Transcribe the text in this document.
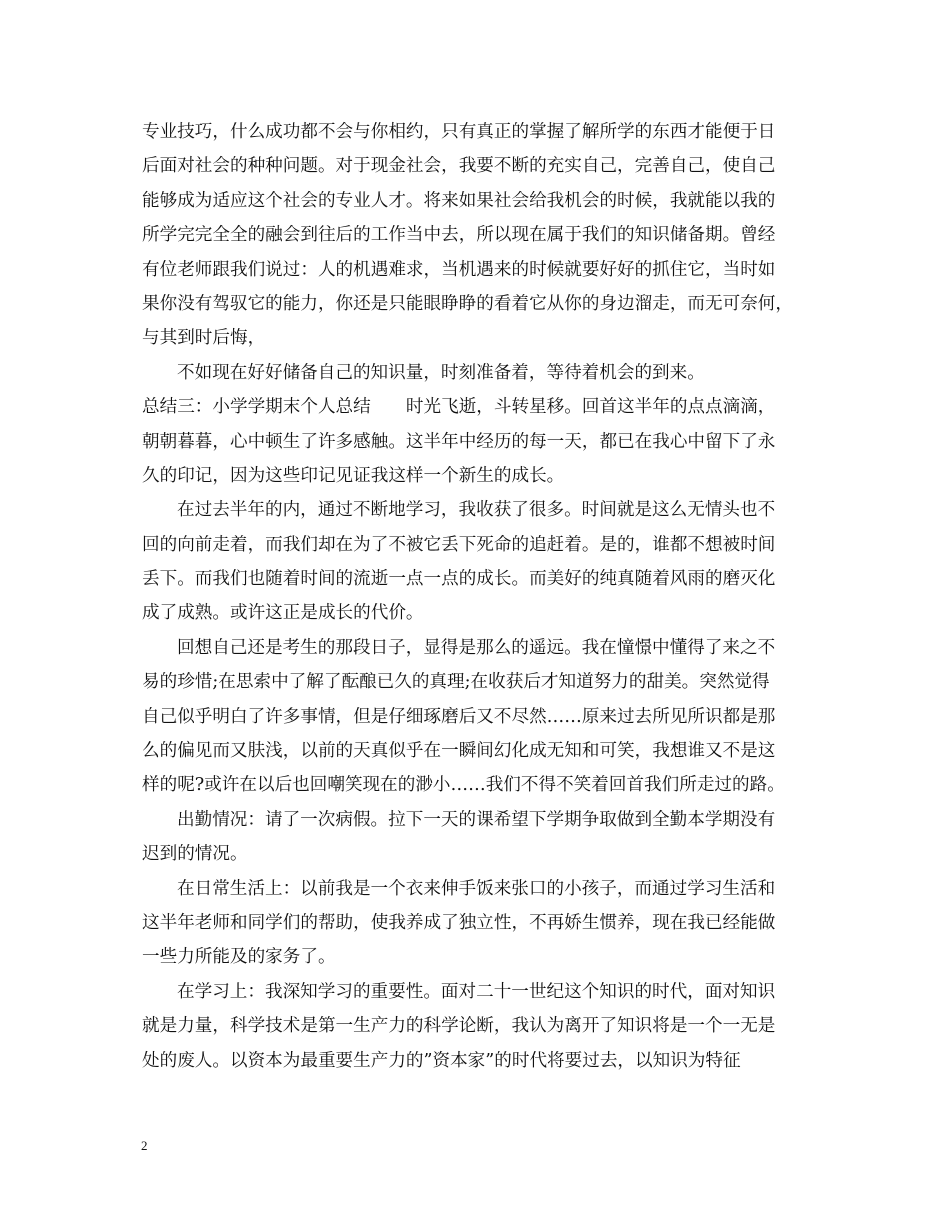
专业技巧，什么成功都不会与你相约，只有真正的掌握了解所学的东西才能便于日
后面对社会的种种问题。对于现金社会，我要不断的充实自己，完善自己，使自己
能够成为适应这个社会的专业人才。将来如果社会给我机会的时候，我就能以我的
所学完完全全的融会到往后的工作当中去，所以现在属于我们的知识储备期。曾经
有位老师跟我们说过：人的机遇难求，当机遇来的时候就要好好的抓住它，当时如
果你没有驾驭它的能力，你还是只能眼睁睁的看着它从你的身边溜走，而无可奈何，
与其到时后悔，
不如现在好好储备自己的知识量，时刻准备着，等待着机会的到来。
总结三：小学学期末个人总结　　时光飞逝，斗转星移。回首这半年的点点滴滴，
朝朝暮暮，心中顿生了许多感触。这半年中经历的每一天，都已在我心中留下了永
久的印记，因为这些印记见证我这样一个新生的成长。
在过去半年的内，通过不断地学习，我收获了很多。时间就是这么无情头也不
回的向前走着，而我们却在为了不被它丢下死命的追赶着。是的，谁都不想被时间
丢下。而我们也随着时间的流逝一点一点的成长。而美好的纯真随着风雨的磨灭化
成了成熟。或许这正是成长的代价。
回想自己还是考生的那段日子，显得是那么的遥远。我在憧憬中懂得了来之不
易的珍惜;在思索中了解了酝酿已久的真理;在收获后才知道努力的甜美。突然觉得
自己似乎明白了许多事情，但是仔细琢磨后又不尽然……原来过去所见所识都是那
么的偏见而又肤浅，以前的天真似乎在一瞬间幻化成无知和可笑，我想谁又不是这
样的呢?或许在以后也回嘲笑现在的渺小……我们不得不笑着回首我们所走过的路。
出勤情况：请了一次病假。拉下一天的课希望下学期争取做到全勤本学期没有
迟到的情况。
在日常生活上：以前我是一个衣来伸手饭来张口的小孩子，而通过学习生活和
这半年老师和同学们的帮助，使我养成了独立性，不再娇生惯养，现在我已经能做
一些力所能及的家务了。
在学习上：我深知学习的重要性。面对二十一世纪这个知识的时代，面对知识
就是力量，科学技术是第一生产力的科学论断，我认为离开了知识将是一个一无是
处的废人。以资本为最重要生产力的”资本家”的时代将要过去，以知识为特征
2
